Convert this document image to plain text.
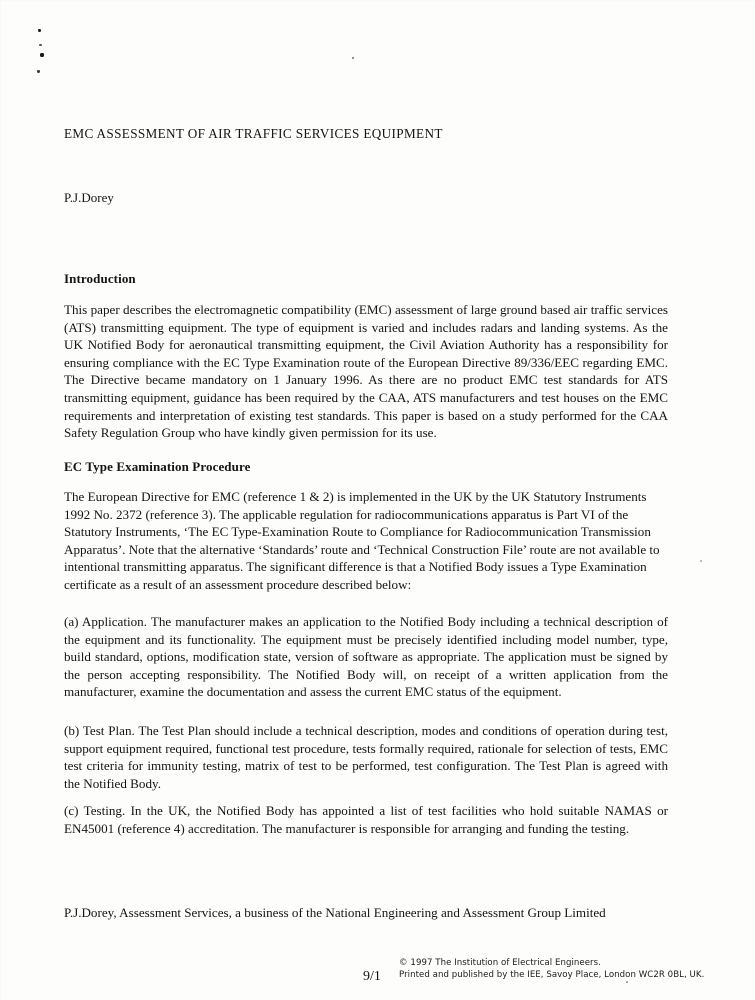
EMC ASSESSMENT OF AIR TRAFFIC SERVICES EQUIPMENT
P.J.Dorey
Introduction

This paper describes the electromagnetic compatibility (EMC) assessment of large ground based air traffic services (ATS) transmitting equipment. The type of equipment is varied and includes radars and landing systems. As the UK Notified Body for aeronautical transmitting equipment, the Civil Aviation Authority has a responsibility for ensuring compliance with the EC Type Examination route of the European Directive 89/336/EEC regarding EMC. The Directive became mandatory on 1 January 1996. As there are no product EMC test standards for ATS transmitting equipment, guidance has been required by the CAA, ATS manufacturers and test houses on the EMC requirements and interpretation of existing test standards. This paper is based on a study performed for the CAA Safety Regulation Group who have kindly given permission for its use.

EC Type Examination Procedure

The European Directive for EMC (reference 1 & 2) is implemented in the UK by the UK Statutory Instruments 1992 No. 2372 (reference 3). The applicable regulation for radiocommunications apparatus is Part VI of the Statutory Instruments, ‘The EC Type-Examination Route to Compliance for Radiocommunication Transmission Apparatus’. Note that the alternative ‘Standards’ route and ‘Technical Construction File’ route are not available to intentional transmitting apparatus. The significant difference is that a Notified Body issues a Type Examination certificate as a result of an assessment procedure described below:

(a) Application. The manufacturer makes an application to the Notified Body including a technical description of the equipment and its functionality. The equipment must be precisely identified including model number, type, build standard, options, modification state, version of software as appropriate. The application must be signed by the person accepting responsibility. The Notified Body will, on receipt of a written application from the manufacturer, examine the documentation and assess the current EMC status of the equipment.

(b) Test Plan. The Test Plan should include a technical description, modes and conditions of operation during test, support equipment required, functional test procedure, tests formally required, rationale for selection of tests, EMC test criteria for immunity testing, matrix of test to be performed, test configuration. The Test Plan is agreed with the Notified Body.

(c) Testing. In the UK, the Notified Body has appointed a list of test facilities who hold suitable NAMAS or EN45001 (reference 4) accreditation. The manufacturer is responsible for arranging and funding the testing.

P.J.Dorey, Assessment Services, a business of the National Engineering and Assessment Group Limited
9/1
© 1997 The Institution of Electrical Engineers.
Printed and published by the IEE, Savoy Place, London WC2R 0BL, UK.
